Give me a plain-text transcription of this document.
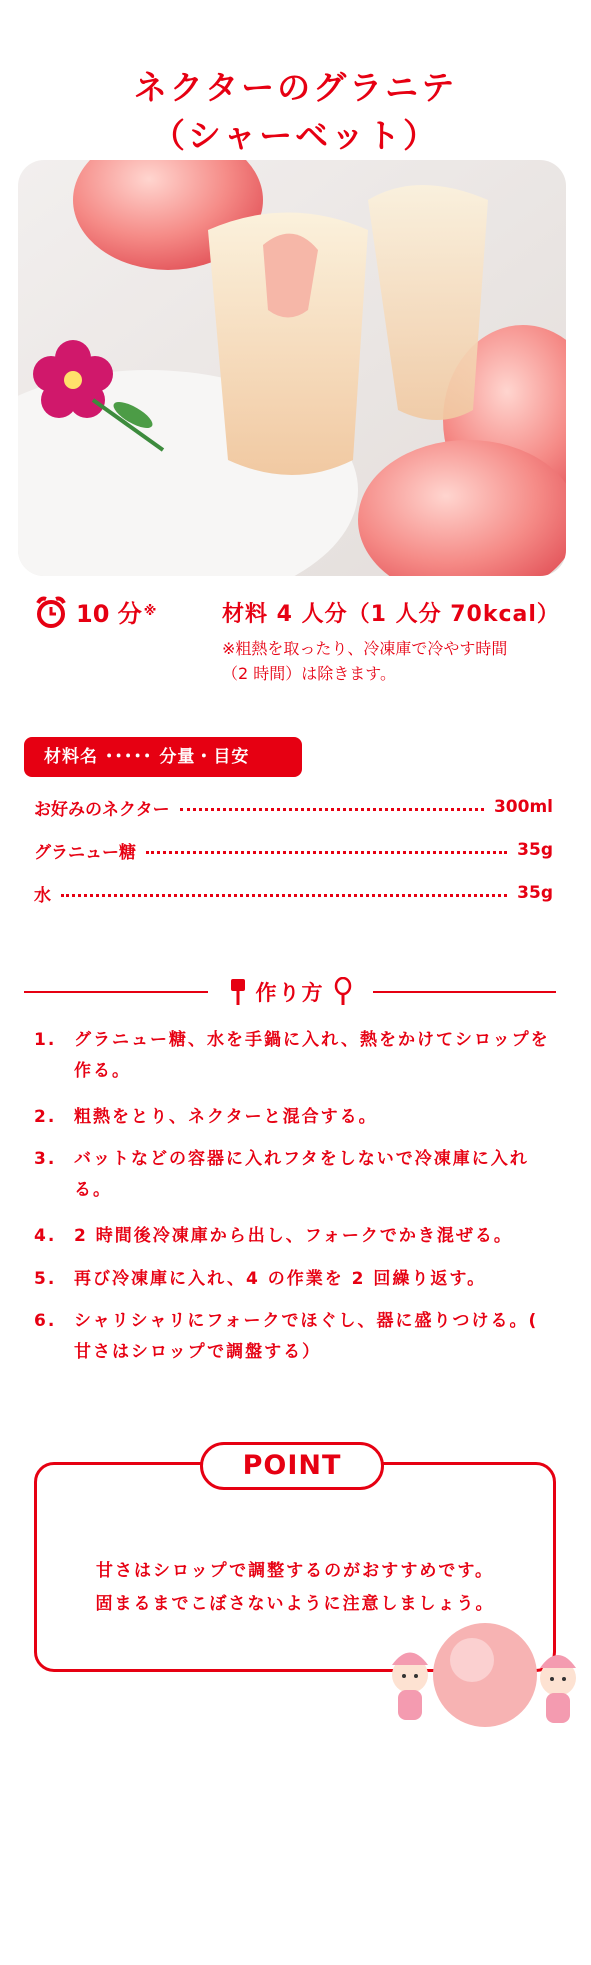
ネクターのグラニテ
（シャーベット）
10 分 ※	材料 4 人分（1 人分 70kcal）
※粗熱を取ったり、冷凍庫で冷やす時間
（2 時間）は除きます。
材料名 ･････ 分量・目安
お好みのネクター	300ml
グラニュー糖	35g
水	35g
作り方
1.	グラニュー糖、水を手鍋に入れ、熱をかけてシロップを作る。
2.	粗熱をとり、ネクターと混合する。
3.	バットなどの容器に入れフタをしないで冷凍庫に入れる。
4.	2 時間後冷凍庫から出し、フォークでかき混ぜる。
5.	再び冷凍庫に入れ、4 の作業を 2 回繰り返す。
6.	シャリシャリにフォークでほぐし、器に盛りつける。( 甘さはシロップで調盤する）
POINT
甘さはシロップで調整するのがおすすめです。
固まるまでこぼさないように注意しましょう。
